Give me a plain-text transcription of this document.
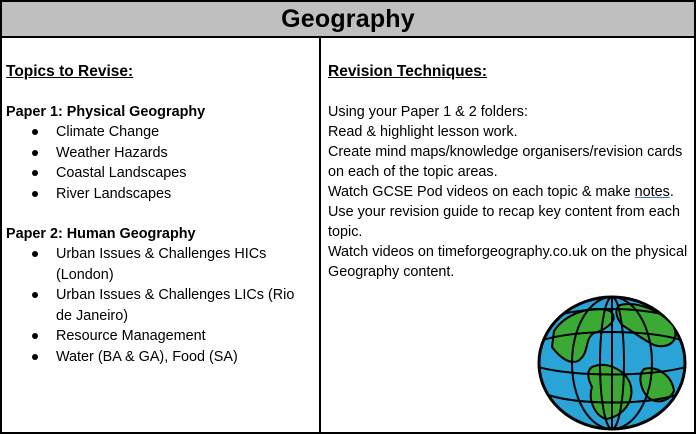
Geography

Topics to Revise:

Paper 1: Physical Geography

Climate Change
Weather Hazards
Coastal Landscapes
River Landscapes

Paper 2: Human Geography

Urban Issues & Challenges HICs (London)
Urban Issues & Challenges LICs (Rio de Janeiro)
Resource Management
Water (BA & GA), Food (SA)

Revision Techniques:

Using your Paper 1 & 2 folders:

Read & highlight lesson work.

Create mind maps/knowledge organisers/revision cards on each of the topic areas.

Watch GCSE Pod videos on each topic & make notes.

Use your revision guide to recap key content from each topic.

Watch videos on timeforgeography.co.uk on the physical Geography content.
